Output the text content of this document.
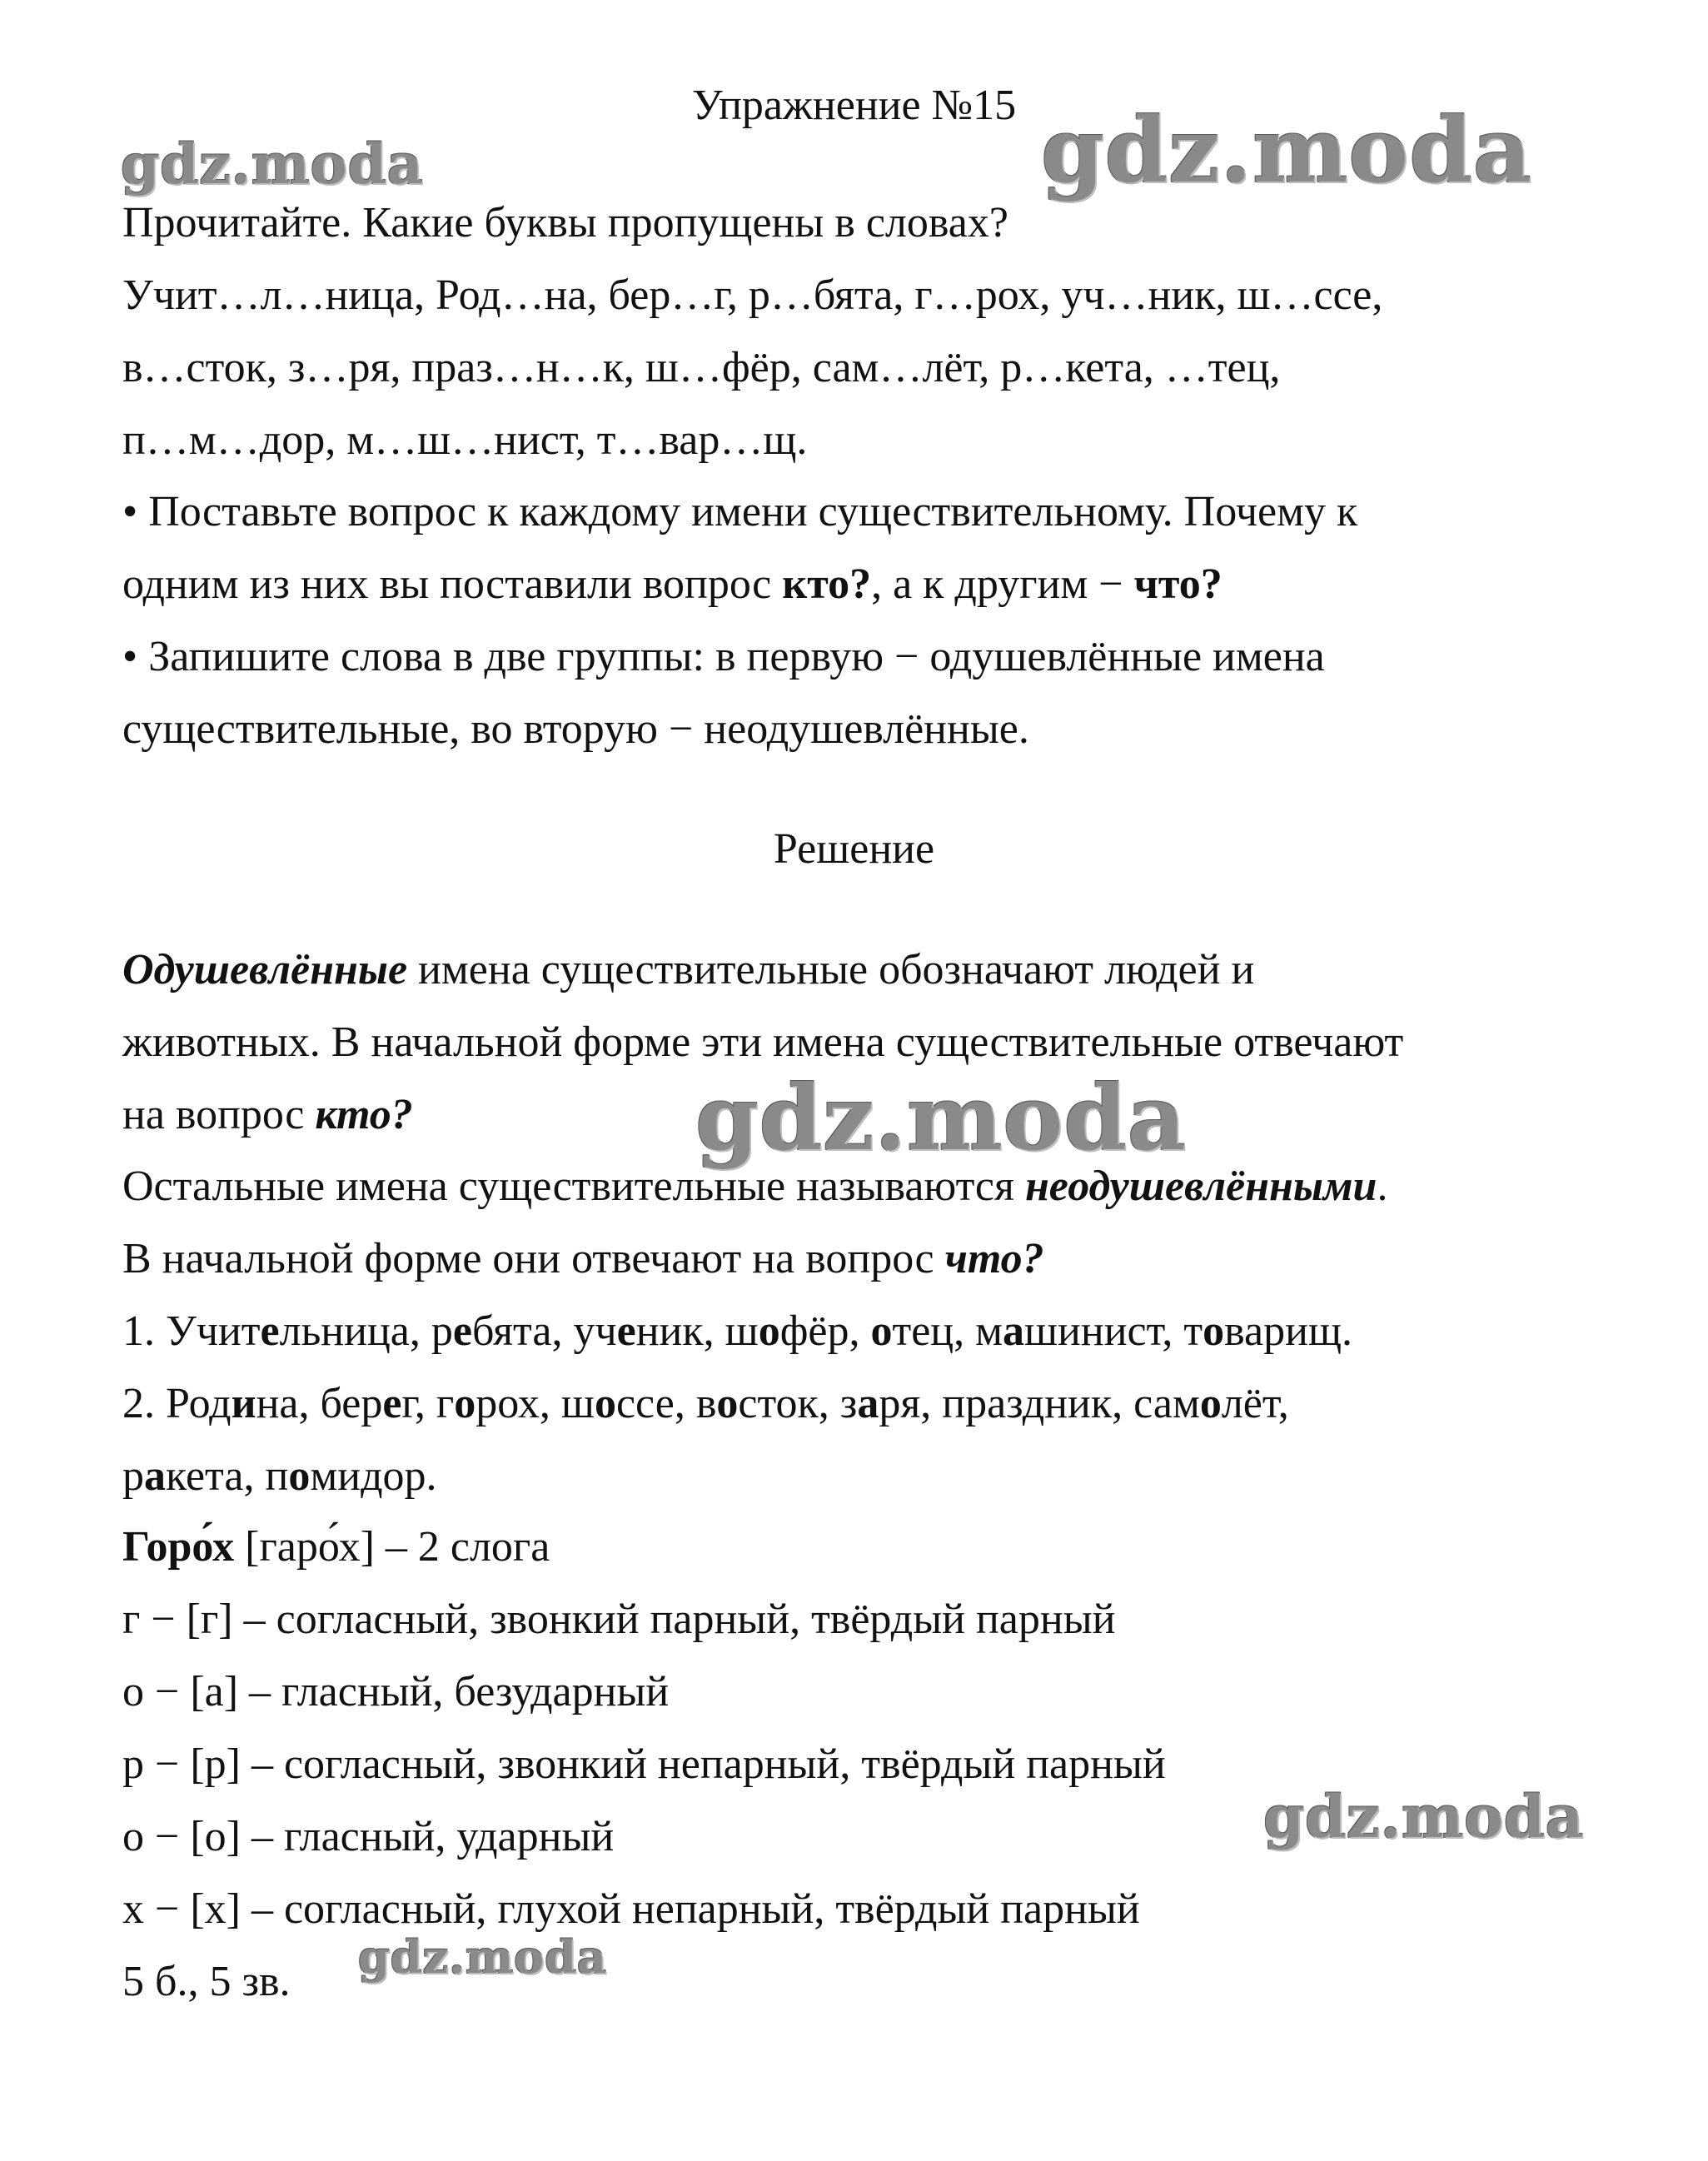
Упражнение №15
gdz.moda	gdz.moda
gdz.moda
gdz.moda
gdz.moda
Прочитайте. Какие буквы пропущены в словах?
Учит…л…ница, Род…на, бер…г, р…бята, г…рох, уч…ник, ш…ссе,
в…сток, з…ря, праз…н…к, ш…фёр, сам…лёт, р…кета, …тец,
п…м…дор, м…ш…нист, т…вар…щ.
• Поставьте вопрос к каждому имени существительному. Почему к
одним из них вы поставили вопрос кто?, а к другим − что?
• Запишите слова в две группы: в первую − одушевлённые имена
существительные, во вторую − неодушевлённые.
Решение
Одушевлённые имена существительные обозначают людей и
животных. В начальной форме эти имена существительные отвечают
на вопрос кто?
Остальные имена существительные называются неодушевлёнными.
В начальной форме они отвечают на вопрос что?
1. Учительница, ребята, ученик, шофёр, отец, машинист, товарищ.
2. Родина, берег, горох, шоссе, восток, заря, праздник, самолёт,
ракета, помидор.
Горо́х [гаро́х] – 2 слога
г − [г] – согласный, звонкий парный, твёрдый парный
о − [а] – гласный, безударный
р − [р] – согласный, звонкий непарный, твёрдый парный
о − [о] – гласный, ударный
х − [х] – согласный, глухой непарный, твёрдый парный
5 б., 5 зв.
